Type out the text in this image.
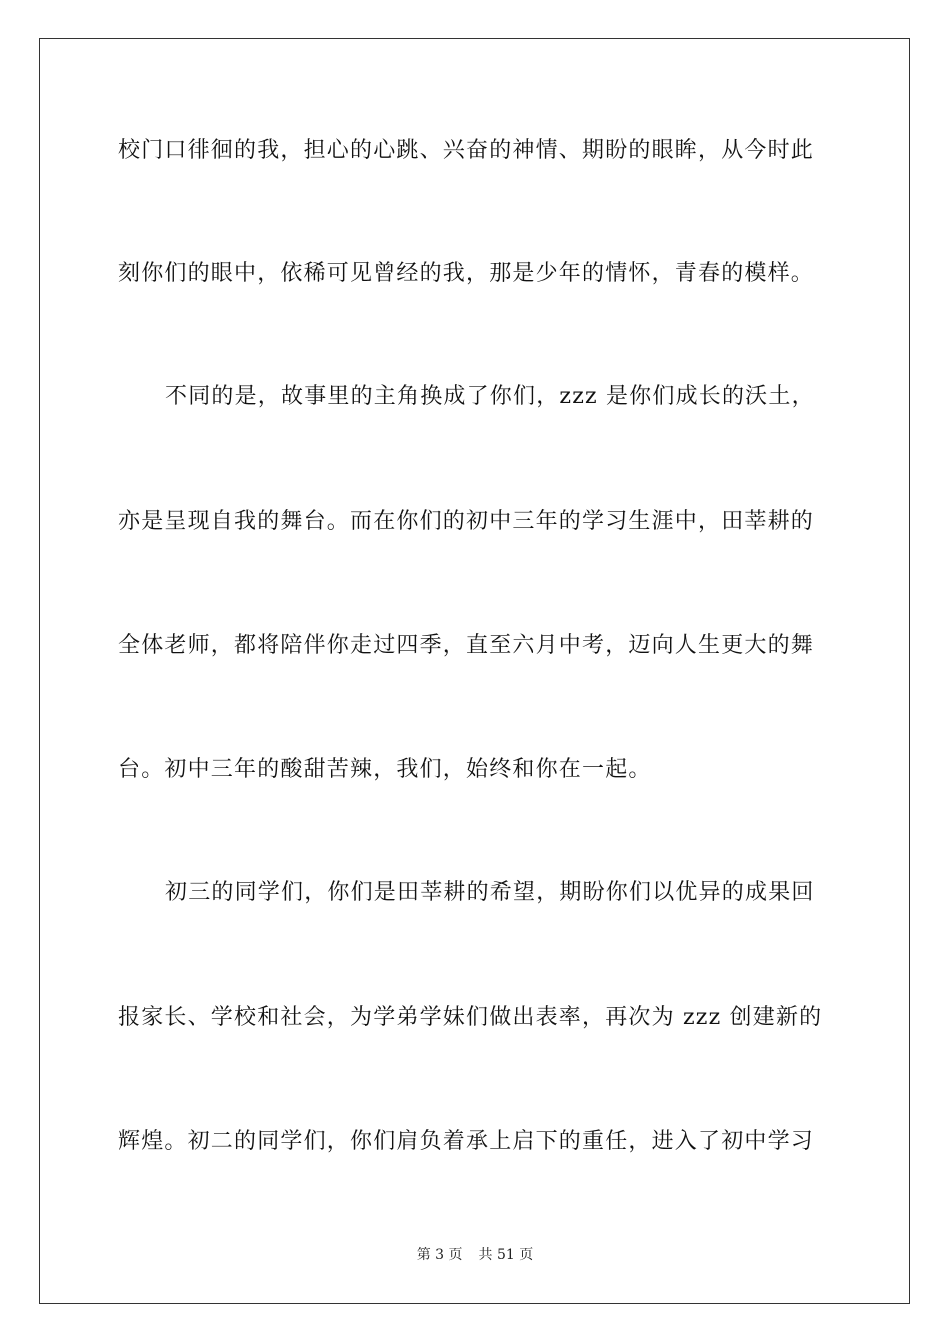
校门口徘徊的我，担心的心跳、兴奋的神情、期盼的眼眸，从今时此
刻你们的眼中，依稀可见曾经的我，那是少年的情怀，青春的模样。
不同的是，故事里的主角换成了你们，zzz 是你们成长的沃土，
亦是呈现自我的舞台。而在你们的初中三年的学习生涯中，田莘耕的
全体老师，都将陪伴你走过四季，直至六月中考，迈向人生更大的舞
台。初中三年的酸甜苦辣，我们，始终和你在一起。
初三的同学们，你们是田莘耕的希望，期盼你们以优异的成果回
报家长、学校和社会，为学弟学妹们做出表率，再次为 zzz 创建新的
辉煌。初二的同学们，你们肩负着承上启下的重任，进入了初中学习
第 3 页 共 51 页
